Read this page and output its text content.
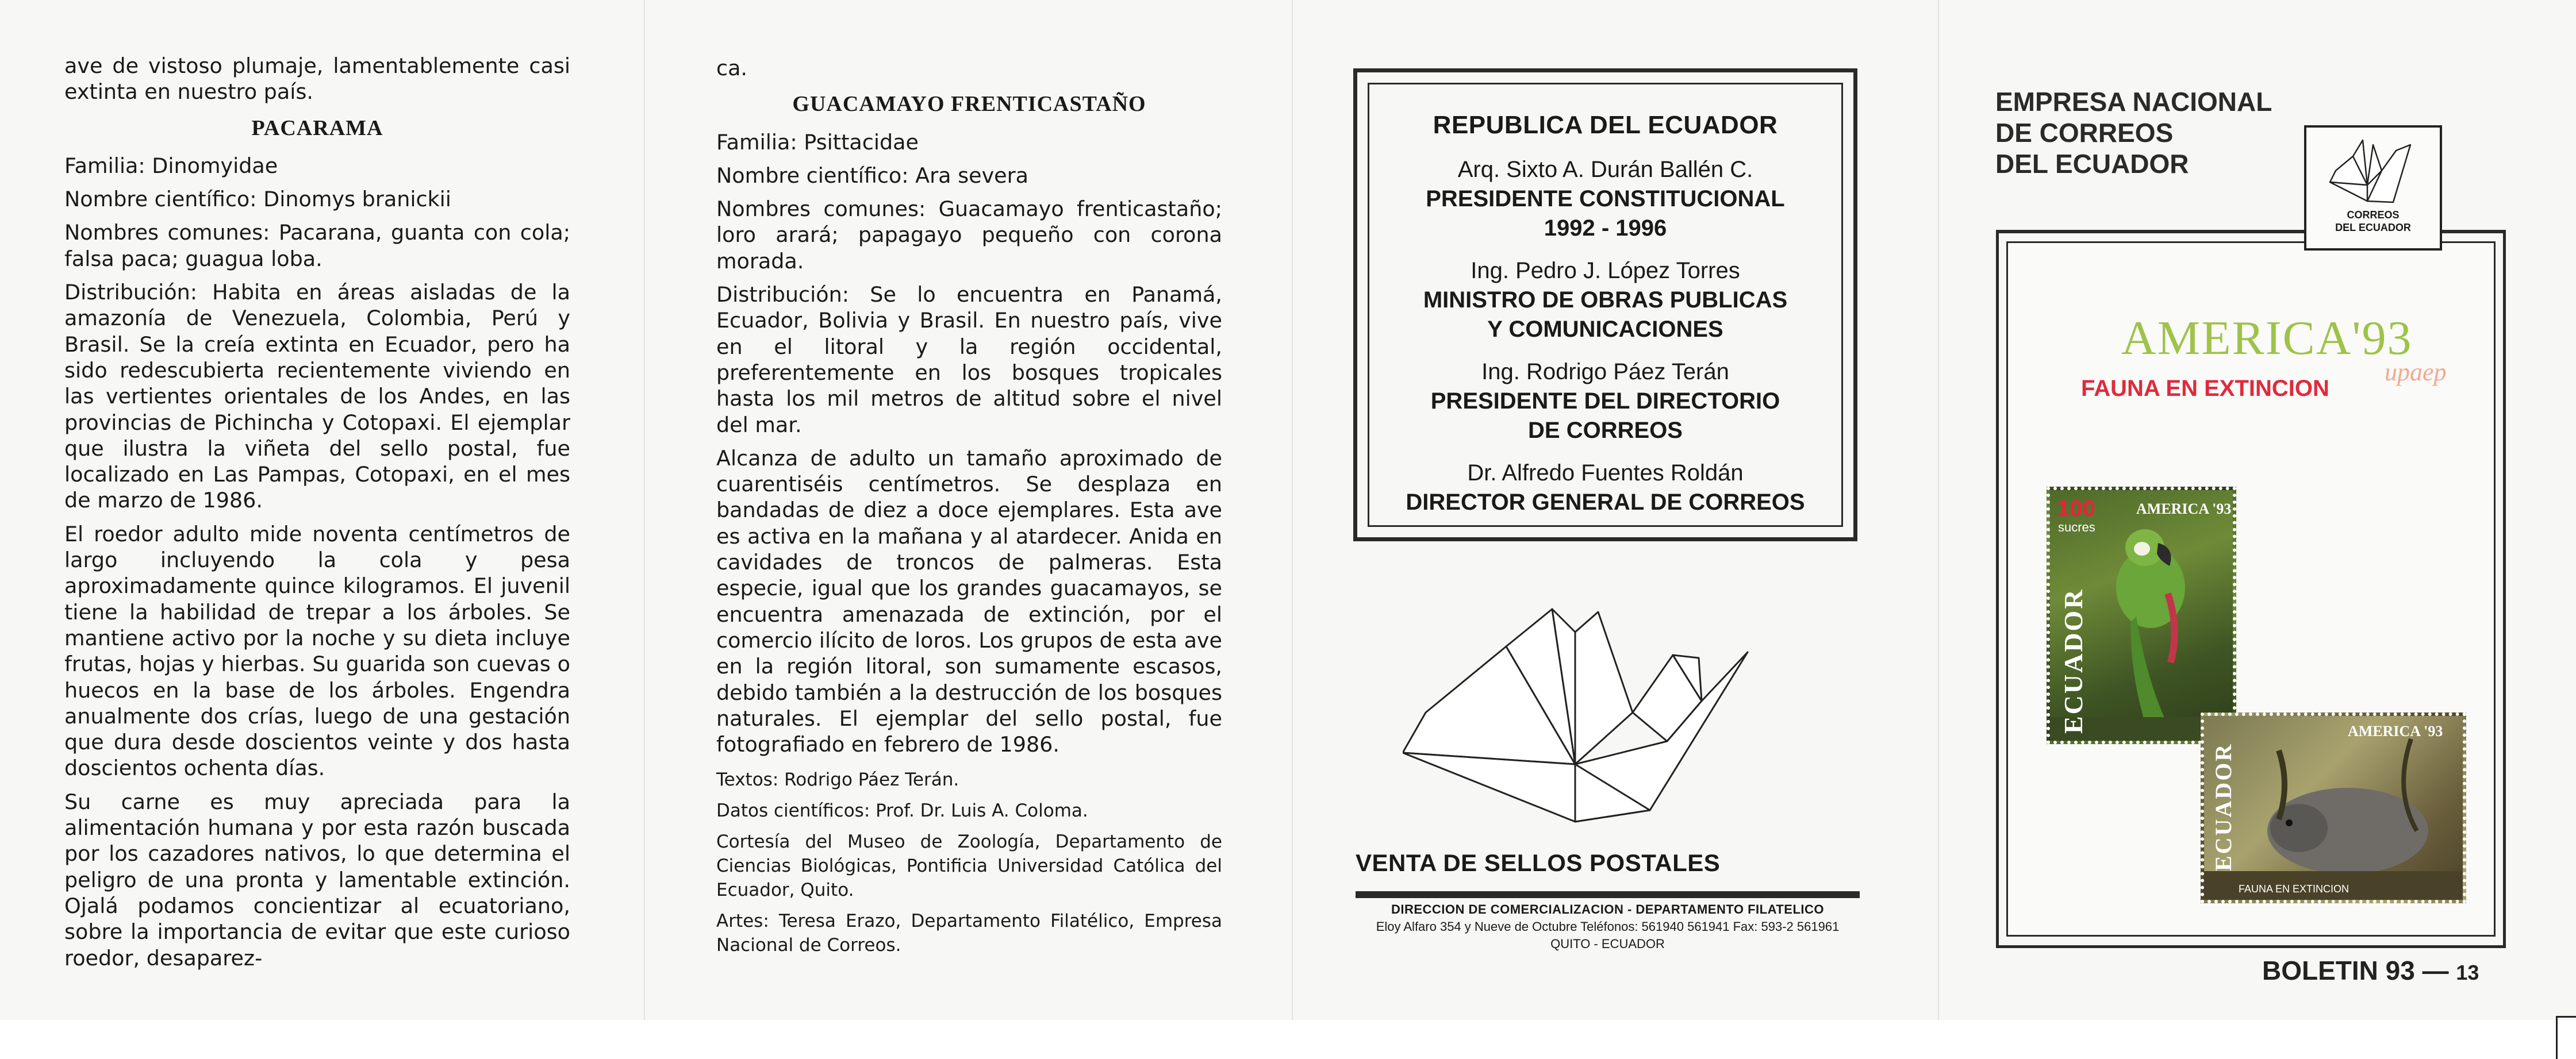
ave de vistoso plumaje, lamentablemente casi extinta en nuestro país.

PACARAMA

Familia: Dinomyidae

Nombre científico: Dinomys branickii

Nombres comunes: Pacarana, guanta con cola; falsa paca; guagua loba.

Distribución: Habita en áreas aisladas de la amazonía de Venezuela, Colombia, Perú y Brasil. Se la creía extinta en Ecuador, pero ha sido redescubierta recientemente viviendo en las vertientes orientales de los Andes, en las provincias de Pichincha y Cotopaxi. El ejemplar que ilustra la viñeta del sello postal, fue localizado en Las Pampas, Cotopaxi, en el mes de marzo de 1986.

El roedor adulto mide noventa centímetros de largo incluyendo la cola y pesa aproximadamente quince kilogramos. El juvenil tiene la habilidad de trepar a los árboles. Se mantiene activo por la noche y su dieta incluye frutas, hojas y hierbas. Su guarida son cuevas o huecos en la base de los árboles. Engendra anualmente dos crías, luego de una gestación que dura desde doscientos veinte y dos hasta doscientos ochenta días.

Su carne es muy apreciada para la alimentación humana y por esta razón buscada por los cazadores nativos, lo que determina el peligro de una pronta y lamentable extinción. Ojalá podamos concientizar al ecuatoriano, sobre la importancia de evitar que este curioso roedor, desaparez-

ca.

GUACAMAYO FRENTICASTAÑO

Familia: Psittacidae

Nombre científico: Ara severa

Nombres comunes: Guacamayo frenticastaño; loro arará; papagayo pequeño con corona morada.

Distribución: Se lo encuentra en Panamá, Ecuador, Bolivia y Brasil. En nuestro país, vive en el litoral y la región occidental, preferentemente en los bosques tropicales hasta los mil metros de altitud sobre el nivel del mar.

Alcanza de adulto un tamaño aproximado de cuarentiséis centímetros. Se desplaza en bandadas de diez a doce ejemplares. Esta ave es activa en la mañana y al atardecer. Anida en cavidades de troncos de palmeras. Esta especie, igual que los grandes guacamayos, se encuentra amenazada de extinción, por el comercio ilícito de loros. Los grupos de esta ave en la región litoral, son sumamente escasos, debido también a la destrucción de los bosques naturales. El ejemplar del sello postal, fue fotografiado en febrero de 1986.

Textos: Rodrigo Páez Terán.

Datos científicos: Prof. Dr. Luis A. Coloma.

Cortesía del Museo de Zoología, Departamento de Ciencias Biológicas, Pontificia Universidad Católica del Ecuador, Quito.

Artes: Teresa Erazo, Departamento Filatélico, Empresa Nacional de Correos.

REPUBLICA DEL ECUADOR
Arq. Sixto A. Durán Ballén C.
PRESIDENTE CONSTITUCIONAL
1992 - 1996
Ing. Pedro J. López Torres
MINISTRO DE OBRAS PUBLICAS
Y COMUNICACIONES
Ing. Rodrigo Páez Terán
PRESIDENTE DEL DIRECTORIO
DE CORREOS
Dr. Alfredo Fuentes Roldán
DIRECTOR GENERAL DE CORREOS
VENTA DE SELLOS POSTALES
DIRECCION DE COMERCIALIZACION - DEPARTAMENTO FILATELICO
Eloy Alfaro 354 y Nueve de Octubre Teléfonos: 561940 561941 Fax: 593-2 561961
QUITO - ECUADOR
EMPRESA NACIONAL
DE CORREOS
DEL ECUADOR
CORREOS
DEL ECUADOR
AMERICA'93
upaep
FAUNA EN EXTINCION
100
sucres
AMERICA '93
ECUADOR	AMERICA '93
ECUADOR
FAUNA EN EXTINCION
BOLETIN 93 — 13
